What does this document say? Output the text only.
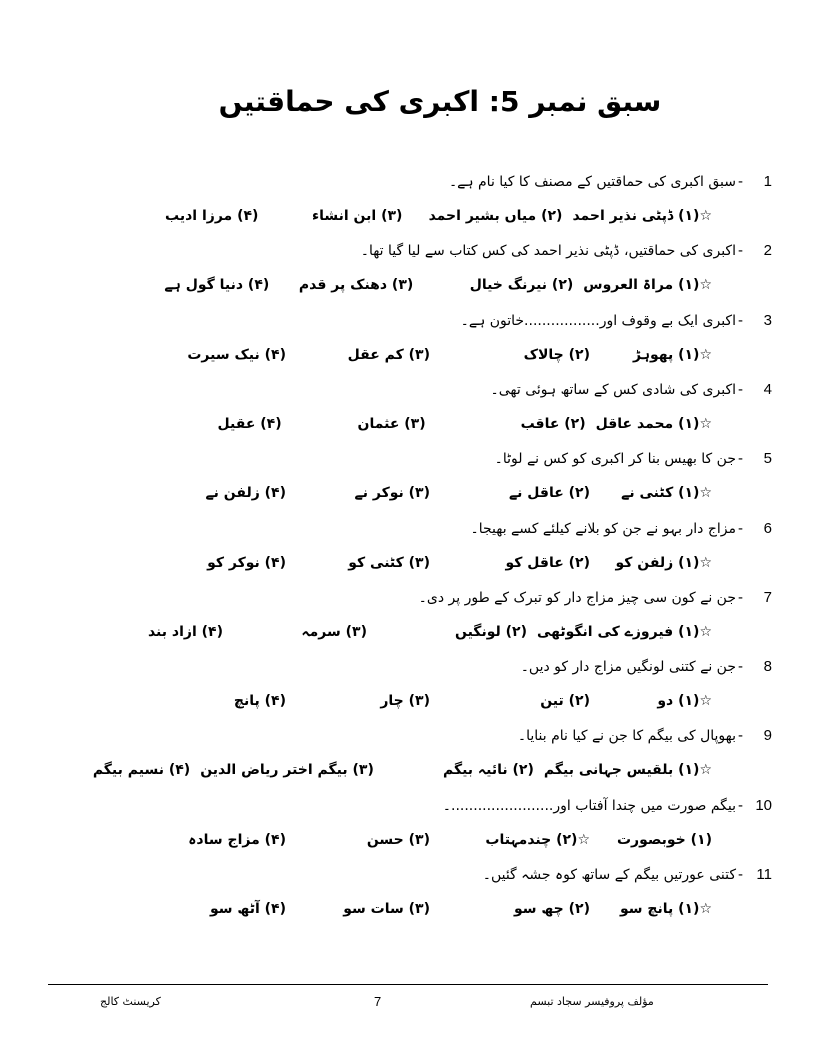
سبق نمبر 5: اکبری کی حماقتیں
- 1
سبق اکبری کی حماقتیں کے مصنف کا کیا نام ہے۔
☆(۱) ڈپٹی نذیر احمد
(۲) میاں بشیر احمد
(۳) ابن انشاء
(۴) مرزا ادیب
- 2
اکبری کی حماقتیں، ڈپٹی نذیر احمد کی کس کتاب سے لیا گیا تھا۔
☆(۱) مراۃ العروس
(۲) نیرنگ خیال
(۳) دھنک پر قدم
(۴) دنیا گول ہے
- 3
اکبری ایک بے وقوف اور.................خاتون ہے۔
☆(۱) پھوہڑ
(۲) چالاک
(۳) کم عقل
(۴) نیک سیرت
- 4
اکبری کی شادی کس کے ساتھ ہوئی تھی۔
☆(۱) محمد عاقل
(۲) عاقب
(۳) عثمان
(۴) عقیل
- 5
جن کا بھیس بنا کر اکبری کو کس نے لوٹا۔
☆(۱) کٹنی نے
(۲) عاقل نے
(۳) نوکر نے
(۴) زلفن نے
- 6
مزاج دار بہو نے جن کو بلانے کیلئے کسے بھیجا۔
☆(۱) زلفن کو
(۲) عاقل کو
(۳) کٹنی کو
(۴) نوکر کو
- 7
جن نے کون سی چیز مزاج دار کو تبرک کے طور پر دی۔
☆(۱) فیروزے کی انگوٹھی
(۲) لونگیں
(۳) سرمہ
(۴) ازاد بند
- 8
جن نے کتنی لونگیں مزاج دار کو دیں۔
☆(۱) دو
(۲) تین
(۳) چار
(۴) پانچ
- 9
بھوپال کی بیگم کا جن نے کیا نام بنایا۔
☆(۱) بلقیس جہانی بیگم
(۲) نائیہ بیگم
(۳) بیگم اختر ریاض الدین
(۴) نسیم بیگم
- 10
بیگم صورت میں چندا آفتاب اور.......................۔
(۱) خوبصورت
☆(۲) چندمہتاب
(۳) حسن
(۴) مزاج سادہ
- 11
کتنی عورتیں بیگم کے ساتھ کوہ جشہ گئیں۔
☆(۱) پانچ سو
(۲) چھ سو
(۳) سات سو
(۴) آٹھ سو
مؤلف پروفیسر سجاد تبسم
7
کریسنٹ کالج
